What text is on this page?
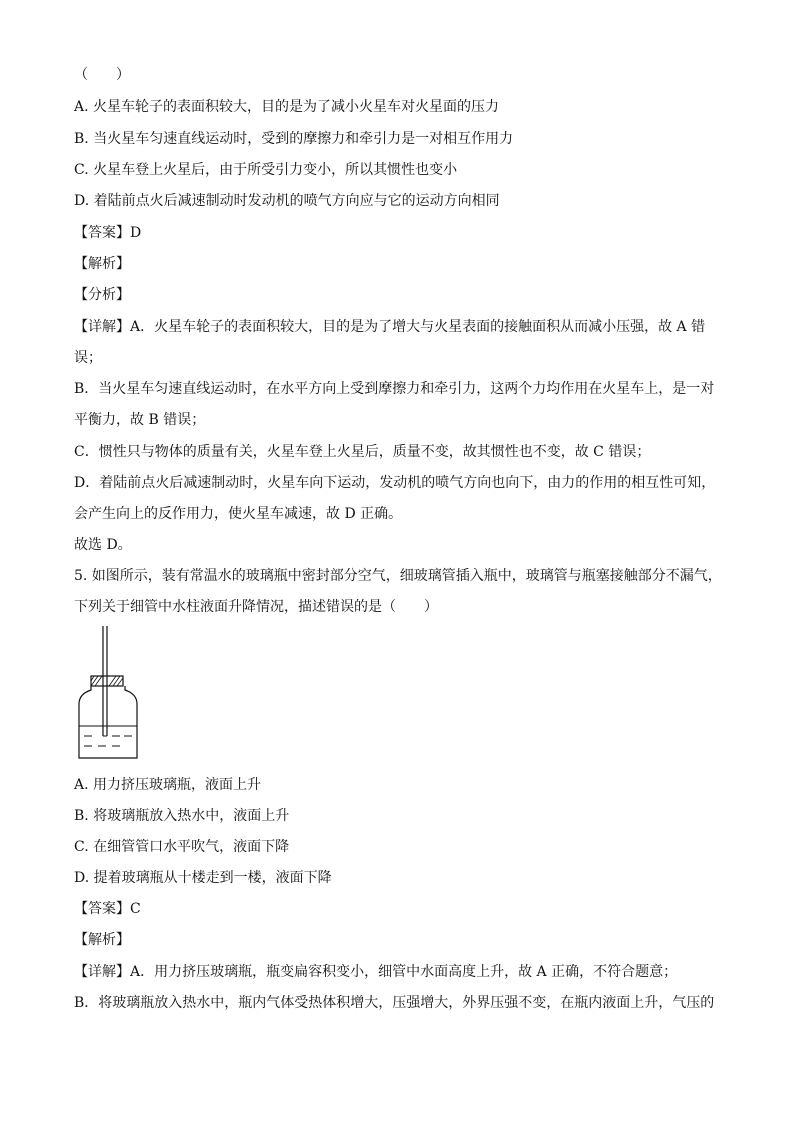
（　　）
A. 火星车轮子的表面积较大，目的是为了减小火星车对火星面的压力
B. 当火星车匀速直线运动时，受到的摩擦力和牵引力是一对相互作用力
C. 火星车登上火星后，由于所受引力变小，所以其惯性也变小
D. 着陆前点火后减速制动时发动机的喷气方向应与它的运动方向相同
【答案】D
【解析】
【分析】
【详解】A．火星车轮子的表面积较大，目的是为了增大与火星表面的接触面积从而减小压强，故 A 错
误；
B．当火星车匀速直线运动时，在水平方向上受到摩擦力和牵引力，这两个力均作用在火星车上，是一对
平衡力，故 B 错误；
C．惯性只与物体的质量有关，火星车登上火星后，质量不变，故其惯性也不变，故 C 错误；
D．着陆前点火后减速制动时，火星车向下运动，发动机的喷气方向也向下，由力的作用的相互性可知，
会产生向上的反作用力，使火星车减速，故 D 正确。
故选 D。
5. 如图所示，装有常温水的玻璃瓶中密封部分空气，细玻璃管插入瓶中，玻璃管与瓶塞接触部分不漏气，
下列关于细管中水柱液面升降情况，描述错误的是（　　）
A. 用力挤压玻璃瓶，液面上升
B. 将玻璃瓶放入热水中，液面上升
C. 在细管管口水平吹气，液面下降
D. 提着玻璃瓶从十楼走到一楼，液面下降
【答案】C
【解析】
【详解】A．用力挤压玻璃瓶，瓶变扁容积变小，细管中水面高度上升，故 A 正确，不符合题意；
B．将玻璃瓶放入热水中，瓶内气体受热体积增大，压强增大，外界压强不变，在瓶内液面上升，气压的
